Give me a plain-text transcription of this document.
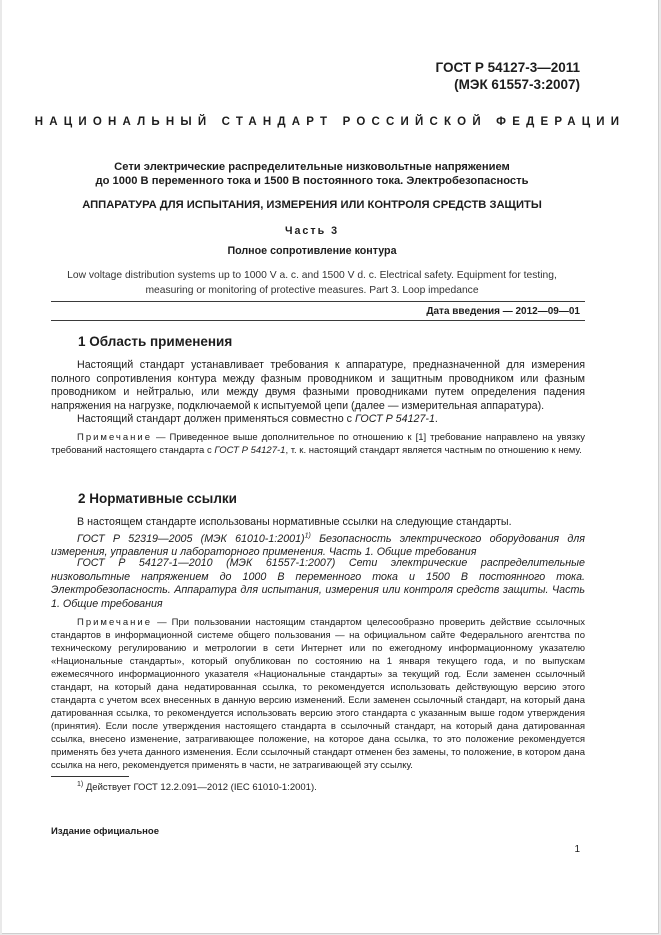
ГОСТ Р 54127-3—2011
(МЭК 61557-3:2007)
НАЦИОНАЛЬНЫЙ СТАНДАРТ РОССИЙСКОЙ ФЕДЕРАЦИИ
Сети электрические распределительные низковольтные напряжением
до 1000 В переменного тока и 1500 В постоянного тока. Электробезопасность
АППАРАТУРА ДЛЯ ИСПЫТАНИЯ, ИЗМЕРЕНИЯ ИЛИ КОНТРОЛЯ СРЕДСТВ ЗАЩИТЫ
Часть 3
Полное сопротивление контура
Low voltage distribution systems up to 1000 V a. c. and 1500 V d. c. Electrical safety. Equipment for testing,
measuring or monitoring of protective measures. Part 3. Loop impedance
Дата введения — 2012—09—01
1 Область применения
Настоящий стандарт устанавливает требования к аппаратуре, предназначенной для измерения полного сопротивления контура между фазным проводником и защитным проводником или фазным проводником и нейтралью, или между двумя фазными проводниками путем определения падения напряжения на нагрузке, подключаемой к испытуемой цепи (далее — измерительная аппаратура).
Настоящий стандарт должен применяться совместно с ГОСТ Р 54127-1.
Примечание — Приведенное выше дополнительное по отношению к [1] требование направлено на увязку требований настоящего стандарта с ГОСТ Р 54127-1, т. к. настоящий стандарт является частным по отношению к нему.
2 Нормативные ссылки
В настоящем стандарте использованы нормативные ссылки на следующие стандарты.
ГОСТ Р 52319—2005 (МЭК 61010-1:2001)$^{1)}$ Безопасность электрического оборудования для измерения, управления и лабораторного применения. Часть 1. Общие требования
ГОСТ Р 54127-1—2010 (МЭК 61557-1:2007) Сети электрические распределительные низковольтные напряжением до 1000 В переменного тока и 1500 В постоянного тока. Электробезопасность. Аппаратура для испытания, измерения или контроля средств защиты. Часть 1. Общие требования
Примечание — При пользовании настоящим стандартом целесообразно проверить действие ссылочных стандартов в информационной системе общего пользования — на официальном сайте Федерального агентства по техническому регулированию и метрологии в сети Интернет или по ежегодному информационному указателю «Национальные стандарты», который опубликован по состоянию на 1 января текущего года, и по выпускам ежемесячного информационного указателя «Национальные стандарты» за текущий год. Если заменен ссылочный стандарт, на который дана недатированная ссылка, то рекомендуется использовать действующую версию этого стандарта с учетом всех внесенных в данную версию изменений. Если заменен ссылочный стандарт, на который дана датированная ссылка, то рекомендуется использовать версию этого стандарта с указанным выше годом утверждения (принятия). Если после утверждения настоящего стандарта в ссылочный стандарт, на который дана датированная ссылка, внесено изменение, затрагивающее положение, на которое дана ссылка, то это положение рекомендуется применять без учета данного изменения. Если ссылочный стандарт отменен без замены, то положение, в котором дана ссылка на него, рекомендуется применять в части, не затрагивающей эту ссылку.
$^{1)}$ Действует ГОСТ 12.2.091—2012 (IEC 61010-1:2001).
Издание официальное
1
